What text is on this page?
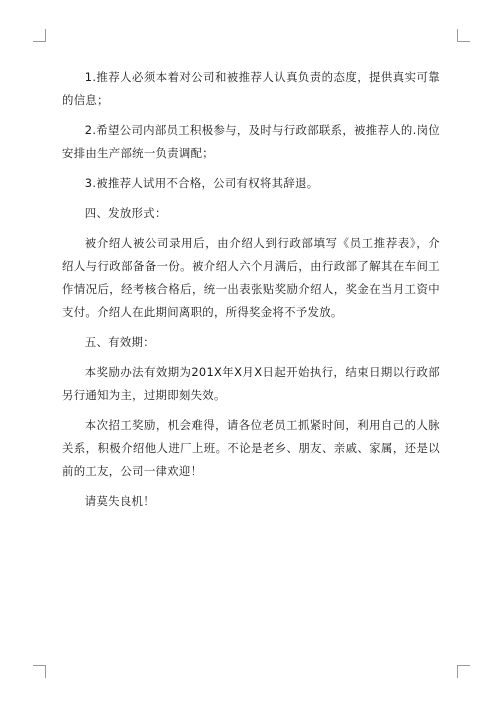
1.推荐人必须本着对公司和被推荐人认真负责的态度，提供真实可靠的信息；

2.希望公司内部员工积极参与，及时与行政部联系，被推荐人的.岗位安排由生产部统一负责调配；

3.被推荐人试用不合格，公司有权将其辞退。

四、发放形式：

被介绍人被公司录用后，由介绍人到行政部填写《员工推荐表》，介绍人与行政部备备一份。被介绍人六个月满后，由行政部了解其在车间工作情况后，经考核合格后，统一出表张贴奖励介绍人，奖金在当月工资中支付。介绍人在此期间离职的，所得奖金将不予发放。

五、有效期：

本奖励办法有效期为201X年X月X日起开始执行，结束日期以行政部另行通知为主，过期即刻失效。

本次招工奖励，机会难得，请各位老员工抓紧时间，利用自己的人脉关系，积极介绍他人进厂上班。不论是老乡、朋友、亲戚、家属，还是以前的工友，公司一律欢迎！

请莫失良机！
